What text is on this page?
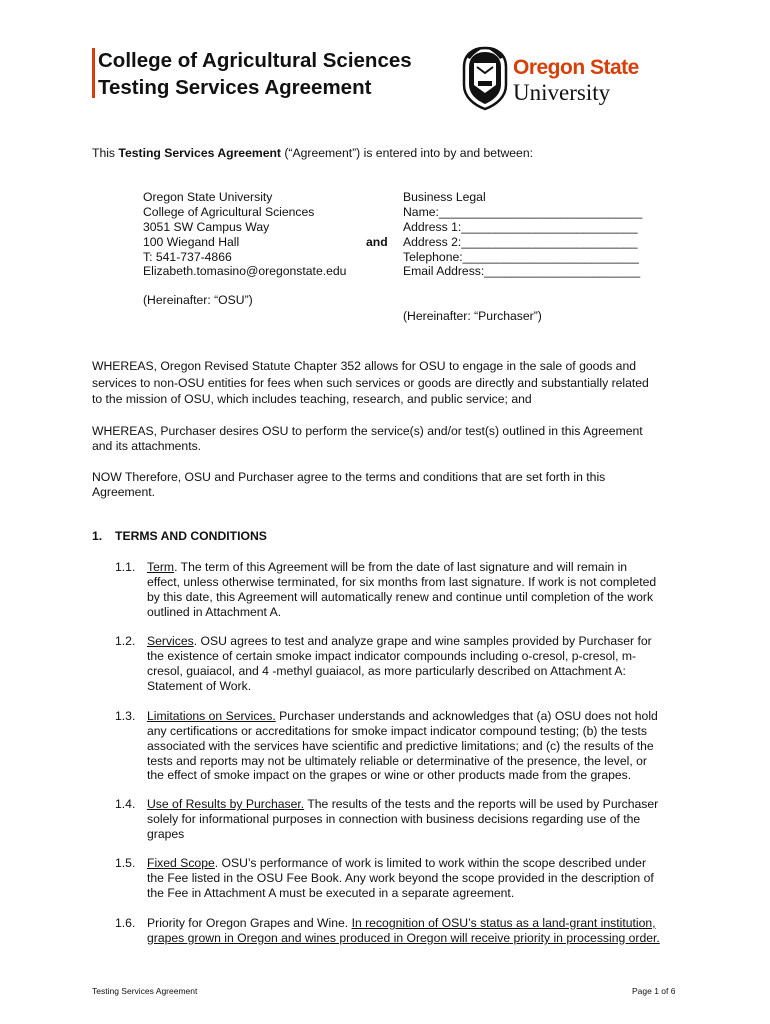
College of Agricultural Sciences
Testing Services Agreement
Oregon State
University
This Testing Services Agreement (“Agreement”) is entered into by and between:
Oregon State University
College of Agricultural Sciences
3051 SW Campus Way
100 Wiegand Hall
T: 541-737-4866
Elizabeth.tomasino@oregonstate.edu
and
Business Legal
Name:______________________________
Address 1:__________________________
Address 2:__________________________
Telephone:__________________________
Email Address:_______________________
(Hereinafter: “OSU”)
(Hereinafter: “Purchaser”)
WHEREAS, Oregon Revised Statute Chapter 352 allows for OSU to engage in the sale of goods and
services to non-OSU entities for fees when such services or goods are directly and substantially related
to the mission of OSU, which includes teaching, research, and public service; and
WHEREAS, Purchaser desires OSU to perform the service(s) and/or test(s) outlined in this Agreement
and its attachments.
NOW Therefore, OSU and Purchaser agree to the terms and conditions that are set forth in this
Agreement.
1. TERMS AND CONDITIONS
1.1. Term. The term of this Agreement will be from the date of last signature and will remain in
effect, unless otherwise terminated, for six months from last signature. If work is not completed
by this date, this Agreement will automatically renew and continue until completion of the work
outlined in Attachment A.
1.2. Services. OSU agrees to test and analyze grape and wine samples provided by Purchaser for
the existence of certain smoke impact indicator compounds including o-cresol, p-cresol, m-
cresol, guaiacol, and 4 -methyl guaiacol, as more particularly described on Attachment A:
Statement of Work.
1.3. Limitations on Services. Purchaser understands and acknowledges that (a) OSU does not hold
any certifications or accreditations for smoke impact indicator compound testing; (b) the tests
associated with the services have scientific and predictive limitations; and (c) the results of the
tests and reports may not be ultimately reliable or determinative of the presence, the level, or
the effect of smoke impact on the grapes or wine or other products made from the grapes.
1.4. Use of Results by Purchaser. The results of the tests and the reports will be used by Purchaser
solely for informational purposes in connection with business decisions regarding use of the
grapes
1.5. Fixed Scope. OSU’s performance of work is limited to work within the scope described under
the Fee listed in the OSU Fee Book. Any work beyond the scope provided in the description of
the Fee in Attachment A must be executed in a separate agreement.
1.6. Priority for Oregon Grapes and Wine. In recognition of OSU’s status as a land-grant institution,
grapes grown in Oregon and wines produced in Oregon will receive priority in processing order.
Testing Services Agreement	Page 1 of 6
